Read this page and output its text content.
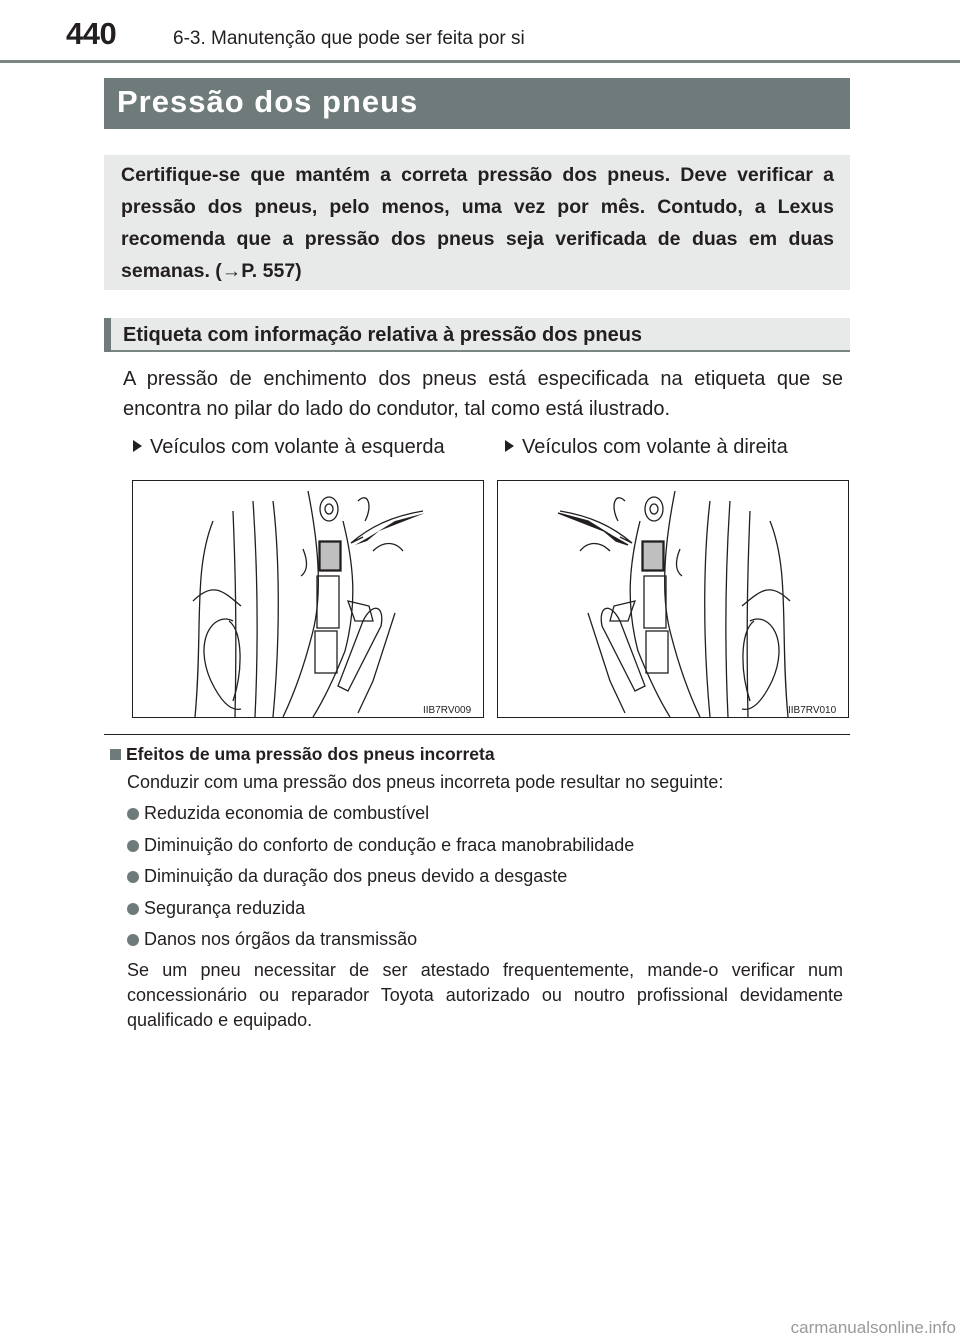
440	6-3. Manutenção que pode ser feita por si
Pressão dos pneus
Certifique-se que mantém a correta pressão dos pneus. Deve verificar a pressão dos pneus, pelo menos, uma vez por mês. Contudo, a Lexus recomenda que a pressão dos pneus seja verificada de duas em duas semanas. (→P. 557)
Etiqueta com informação relativa à pressão dos pneus
A pressão de enchimento dos pneus está especificada na etiqueta que se encontra no pilar do lado do condutor, tal como está ilustrado.
Veículos com volante à esquerda	Veículos com volante à direita
IIB7RV009	IIB7RV010
Efeitos de uma pressão dos pneus incorreta
Conduzir com uma pressão dos pneus incorreta pode resultar no seguinte:
Reduzida economia de combustível
Diminuição do conforto de condução e fraca manobrabilidade
Diminuição da duração dos pneus devido a desgaste
Segurança reduzida
Danos nos órgãos da transmissão
Se um pneu necessitar de ser atestado frequentemente, mande-o verificar num concessionário ou reparador Toyota autorizado ou noutro profissional devidamente qualificado e equipado.
carmanualsonline.info
